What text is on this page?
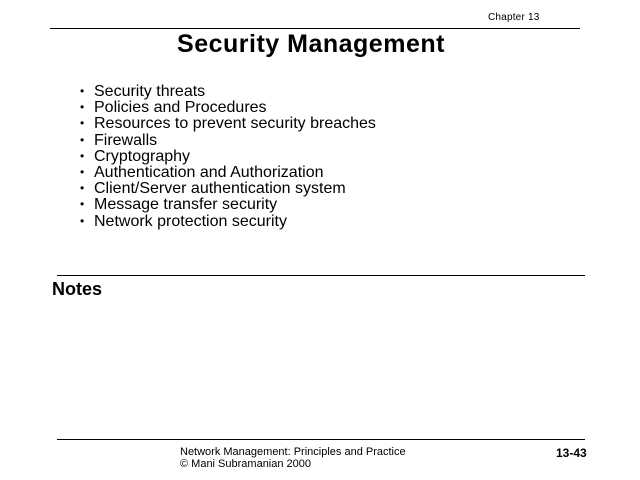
Chapter 13
Security Management
• Security threats
• Policies and Procedures
• Resources to prevent security breaches
• Firewalls
• Cryptography
• Authentication and Authorization
• Client/Server authentication system
• Message transfer security
• Network protection security
Notes
Network Management: Principles and Practice
© Mani Subramanian 2000
13-43
